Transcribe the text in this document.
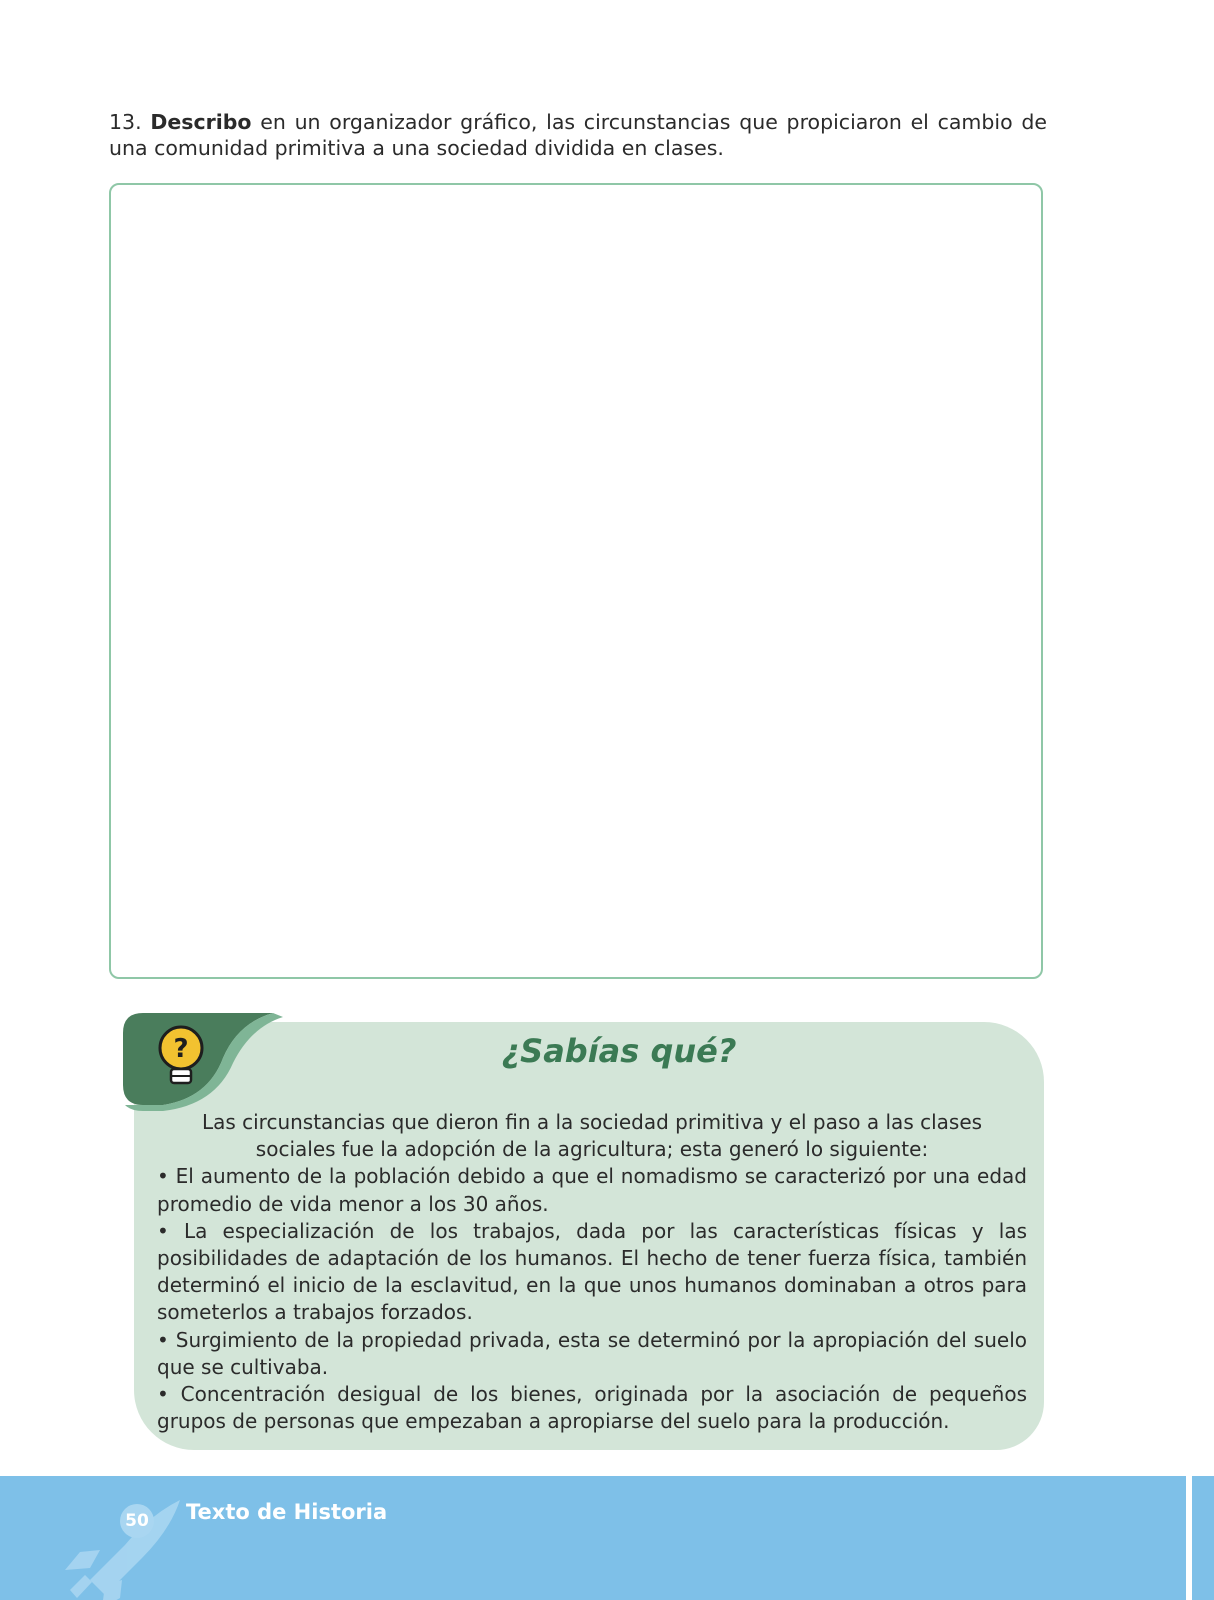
13. Describo en un organizador gráfico, las circunstancias que propiciaron el cambio de una comunidad primitiva a una sociedad dividida en clases.
?	¿Sabías qué?

Las circunstancias que dieron fin a la sociedad primitiva y el paso a las clases sociales fue la adopción de la agricultura; esta generó lo siguiente:

• El aumento de la población debido a que el nomadismo se caracterizó por una edad promedio de vida menor a los 30 años.

• La especialización de los trabajos, dada por las características físicas y las posibilidades de adaptación de los humanos. El hecho de tener fuerza física, también determinó el inicio de la esclavitud, en la que unos humanos dominaban a otros para someterlos a trabajos forzados.

• Surgimiento de la propiedad privada, esta se determinó por la apropiación del suelo que se cultivaba.

• Concentración desigual de los bienes, originada por la asociación de pequeños grupos de personas que empezaban a apropiarse del suelo para la producción.

50 Texto de Historia
